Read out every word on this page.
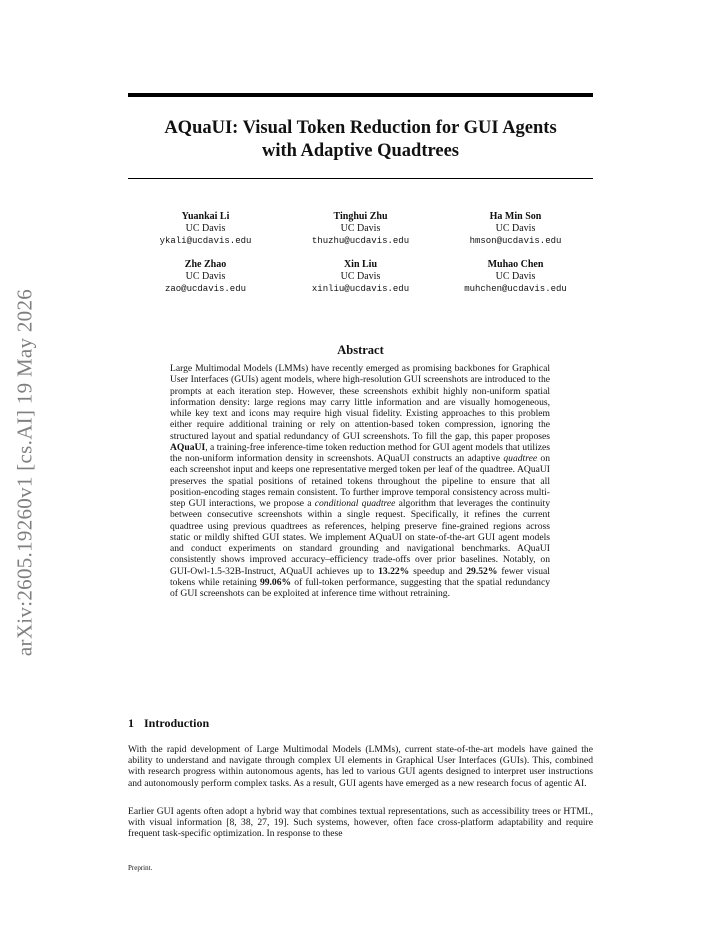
arXiv:2605.19260v1 [cs.AI] 19 May 2026
AQuaUI: Visual Token Reduction for GUI Agents
with Adaptive Quadtrees
Yuankai Li
UC Davis
ykali@ucdavis.edu
Tinghui Zhu
UC Davis
thuzhu@ucdavis.edu
Ha Min Son
UC Davis
hmson@ucdavis.edu
Zhe Zhao
UC Davis
zao@ucdavis.edu
Xin Liu
UC Davis
xinliu@ucdavis.edu
Muhao Chen
UC Davis
muhchen@ucdavis.edu
Abstract
Large Multimodal Models (LMMs) have recently emerged as promising backbones for Graphical User Interfaces (GUIs) agent models, where high-resolution GUI screenshots are introduced to the prompts at each iteration step. However, these screenshots exhibit highly non-uniform spatial information density: large regions may carry little information and are visually homogeneous, while key text and icons may require high visual fidelity. Existing approaches to this problem either require additional training or rely on attention-based token compression, ignoring the structured layout and spatial redundancy of GUI screenshots. To fill the gap, this paper proposes AQuaUI, a training-free inference-time token reduction method for GUI agent models that utilizes the non-uniform information density in screenshots. AQuaUI constructs an adaptive quadtree on each screenshot input and keeps one representative merged token per leaf of the quadtree. AQuaUI preserves the spatial positions of retained tokens throughout the pipeline to ensure that all position-encoding stages remain consistent. To further improve temporal consistency across multi-step GUI interactions, we propose a conditional quadtree algorithm that leverages the continuity between consecutive screenshots within a single request. Specifically, it refines the current quadtree using previous quadtrees as references, helping preserve fine-grained regions across static or mildly shifted GUI states. We implement AQuaUI on state-of-the-art GUI agent models and conduct experiments on standard grounding and navigational benchmarks. AQuaUI consistently shows improved accuracy–efficiency trade-offs over prior baselines. Notably, on GUI-Owl-1.5-32B-Instruct, AQuaUI achieves up to 13.22% speedup and 29.52% fewer visual tokens while retaining 99.06% of full-token performance, suggesting that the spatial redundancy of GUI screenshots can be exploited at inference time without retraining.
1 Introduction
With the rapid development of Large Multimodal Models (LMMs), current state-of-the-art models have gained the ability to understand and navigate through complex UI elements in Graphical User Interfaces (GUIs). This, combined with research progress within autonomous agents, has led to various GUI agents designed to interpret user instructions and autonomously perform complex tasks. As a result, GUI agents have emerged as a new research focus of agentic AI.
Earlier GUI agents often adopt a hybrid way that combines textual representations, such as accessibility trees or HTML, with visual information [8, 38, 27, 19]. Such systems, however, often face cross-platform adaptability and require frequent task-specific optimization. In response to these
Preprint.
